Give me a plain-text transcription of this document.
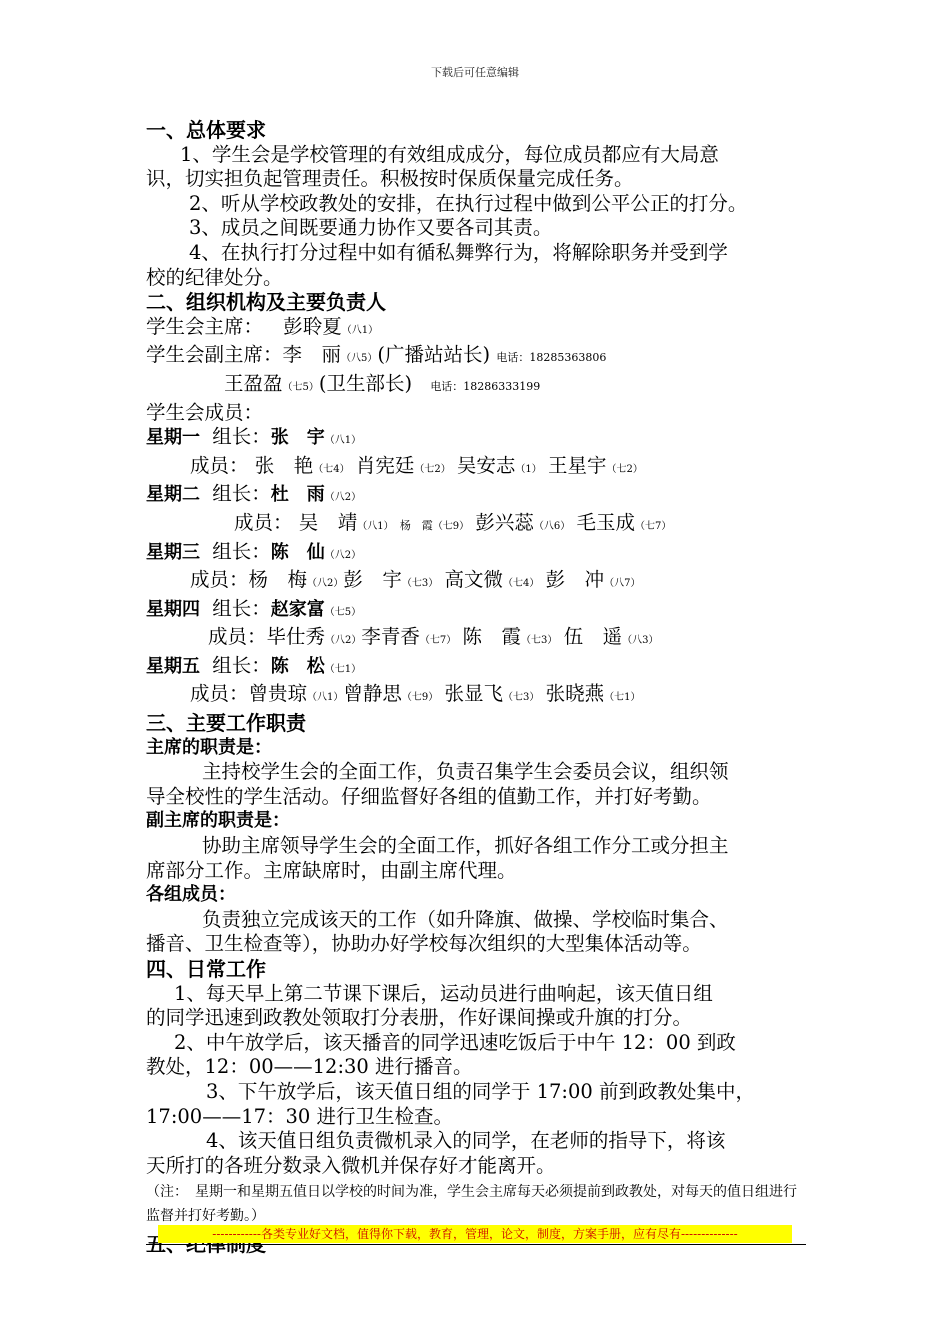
下载后可任意编辑
一、总体要求
1、学生会是学校管理的有效组成成分，每位成员都应有大局意
识，切实担负起管理责任。积极按时保质保量完成任务。
2、听从学校政教处的安排，在执行过程中做到公平公正的打分。
3、成员之间既要通力协作又要各司其责。
4、在执行打分过程中如有循私舞弊行为，将解除职务并受到学
校的纪律处分。
二、组织机构及主要负责人
学生会主席： 彭聆夏（八1）
学生会副主席：李　丽（八5）(广播站站长) 电话：18285363806
王盈盈（七5）(卫生部长) 电话：18286333199
学生会成员：
星期一 组长：张　宇（八1）
成员： 张　艳（七4） 肖宪廷（七2） 吴安志（1） 王星宇（七2）
星期二 组长：杜　雨（八2）
成员： 吴　靖（八1） 杨　霞（七9） 彭兴蕊（八6） 毛玉成（七7）
星期三 组长：陈　仙（八2）
成员：杨　梅（八2）彭　宇（七3） 高文微（七4） 彭　冲（八7）
星期四 组长：赵家富（七5）
成员：毕仕秀（八2）李青香（七7） 陈　霞（七3） 伍　遥（八3）
星期五 组长：陈　松（七1）
成员：曾贵琼（八1）曾静思（七9） 张显飞（七3） 张晓燕（七1）
三、主要工作职责
主席的职责是：
主持校学生会的全面工作，负责召集学生会委员会议，组织领
导全校性的学生活动。仔细监督好各组的值勤工作，并打好考勤。
副主席的职责是：
协助主席领导学生会的全面工作，抓好各组工作分工或分担主
席部分工作。主席缺席时，由副主席代理。
各组成员：
负责独立完成该天的工作（如升降旗、做操、学校临时集合、
播音、卫生检查等），协助办好学校每次组织的大型集体活动等。
四、日常工作
1、每天早上第二节课下课后，运动员进行曲响起，该天值日组
的同学迅速到政教处领取打分表册，作好课间操或升旗的打分。
2、中午放学后，该天播音的同学迅速吃饭后于中午 12：00 到政
教处，12：00——12:30 进行播音。
3、下午放学后，该天值日组的同学于 17:00 前到政教处集中，
17:00——17：30 进行卫生检查。
4、该天值日组负责微机录入的同学，在老师的指导下，将该
天所打的各班分数录入微机并保存好才能离开。
（注：　星期一和星期五值日以学校的时间为准，学生会主席每天必须提前到政教处，对每天的值日组进行监督并打好考勤。）
------------各类专业好文档，值得你下载，教育，管理，论文，制度，方案手册，应有尽有--------------
